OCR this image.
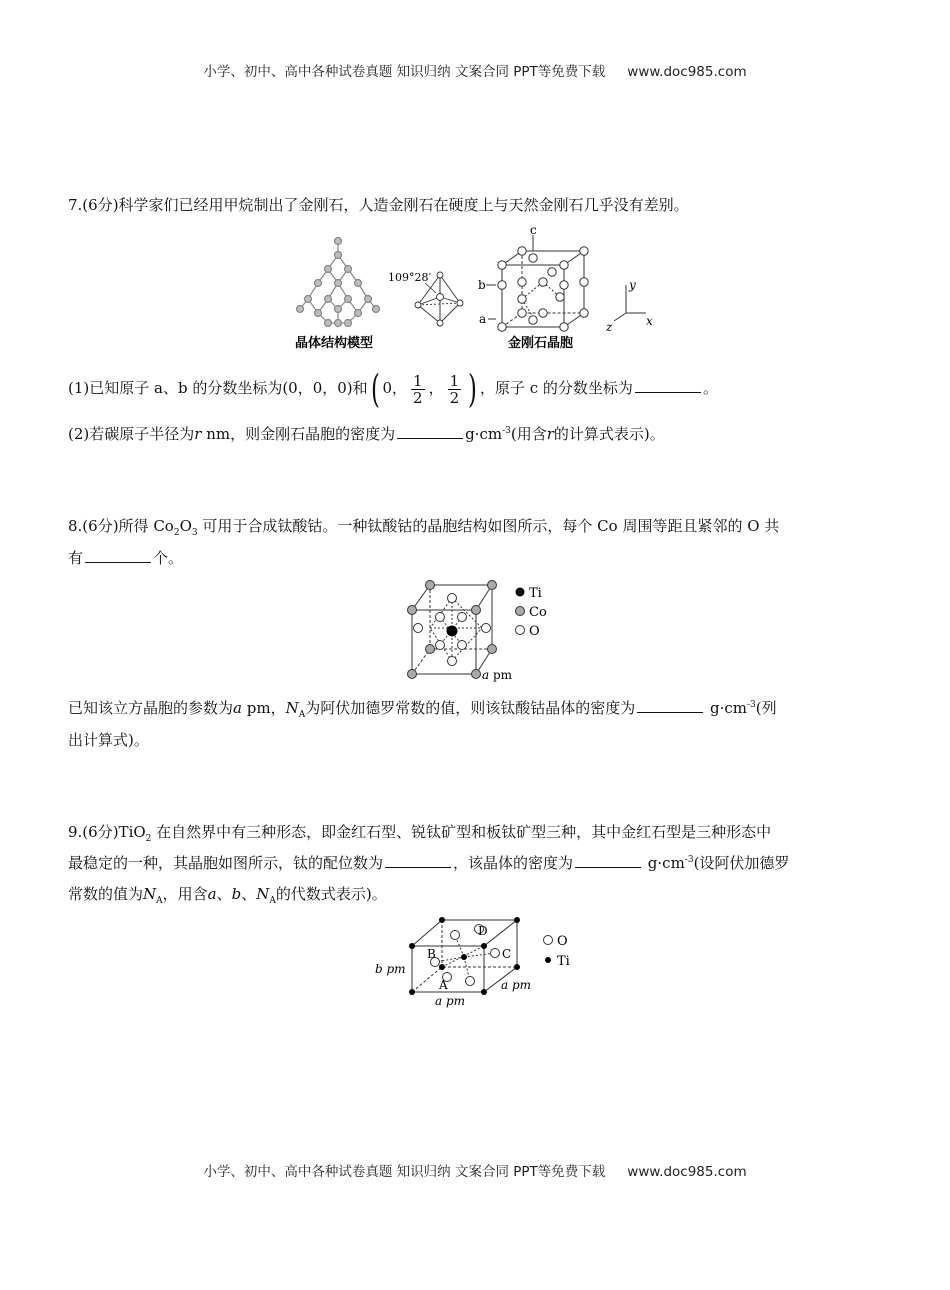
小学、初中、高中各种试卷真题 知识归纳 文案合同 PPT等免费下载 www.doc985.com
7.(6分)科学家们已经用甲烷制出了金刚石，人造金刚石在硬度上与天然金刚石几乎没有差别。
晶体结构模型
109°28′
c
b
a
金刚石晶胞
y
x
z
(1)已知原子 a、b 的分数坐标为(0，0，0)和( 0， $\frac{1}{2}$ ， $\frac{1}{2}$ ) ，原子 c 的分数坐标为	。
(2)若碳原子半径为r nm，则金刚石晶胞的密度为	$g\cdot cm^{-3}$(用含r的计算式表示)。
8.(6分)所得 $Co_2O_3$ 可用于合成钛酸钴。一种钛酸钴的晶胞结构如图所示，每个 Co 周围等距且紧邻的 O 共
有	个。
a pm
Ti
Co
O
已知该立方晶胞的参数为a pm，$N_A$为阿伏加德罗常数的值，则该钛酸钴晶体的密度为	$g\cdot cm^{-3}$(列
出计算式)。
9.(6分)TiO$_2$ 在自然界中有三种形态，即金红石型、锐钛矿型和板钛矿型三种，其中金红石型是三种形态中
最稳定的一种，其晶胞如图所示，钛的配位数为	，该晶体的密度为	$g\cdot cm^{-3}$(设阿伏加德罗
常数的值为$N_A$，用含a、b、$N_A$的代数式表示)。
D
B	C
A
b pm
a pm
a pm
O
Ti
小学、初中、高中各种试卷真题 知识归纳 文案合同 PPT等免费下载 www.doc985.com
